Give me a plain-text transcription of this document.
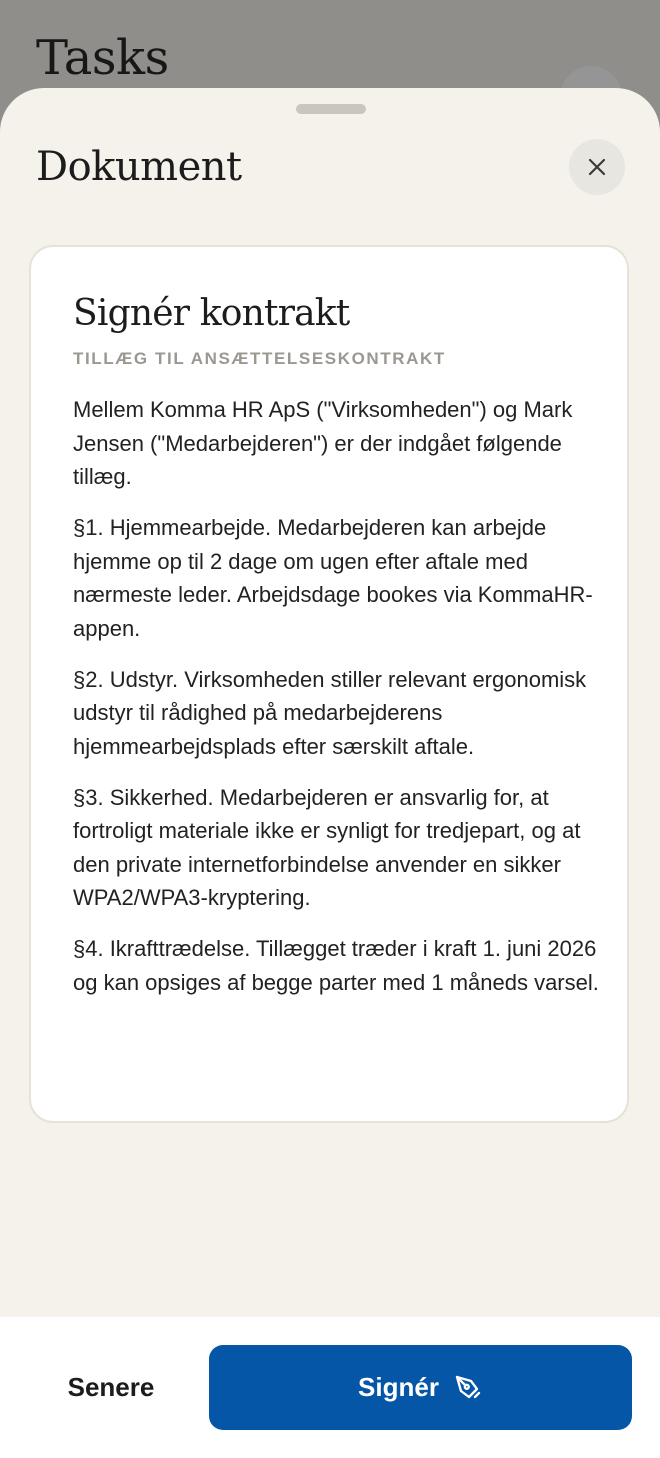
Tasks
Dokument
Signér kontrakt
TILLÆG TIL ANSÆTTELSESKONTRAKT

Mellem Komma HR ApS ("Virksomheden") og Mark Jensen ("Medarbejderen") er der indgået følgende tillæg.

§1. Hjemmearbejde. Medarbejderen kan arbejde hjemme op til 2 dage om ugen efter aftale med nærmeste leder. Arbejdsdage bookes via KommaHR-appen.

§2. Udstyr. Virksomheden stiller relevant ergonomisk udstyr til rådighed på medarbejderens hjemmearbejdsplads efter særskilt aftale.

§3. Sikkerhed. Medarbejderen er ansvarlig for, at fortroligt materiale ikke er synligt for tredjepart, og at den private internetforbindelse anvender en sikker WPA2/WPA3-kryptering.

§4. Ikrafttrædelse. Tillægget træder i kraft 1. juni 2026 og kan opsiges af begge parter med 1 måneds varsel.

Senere	Signér
